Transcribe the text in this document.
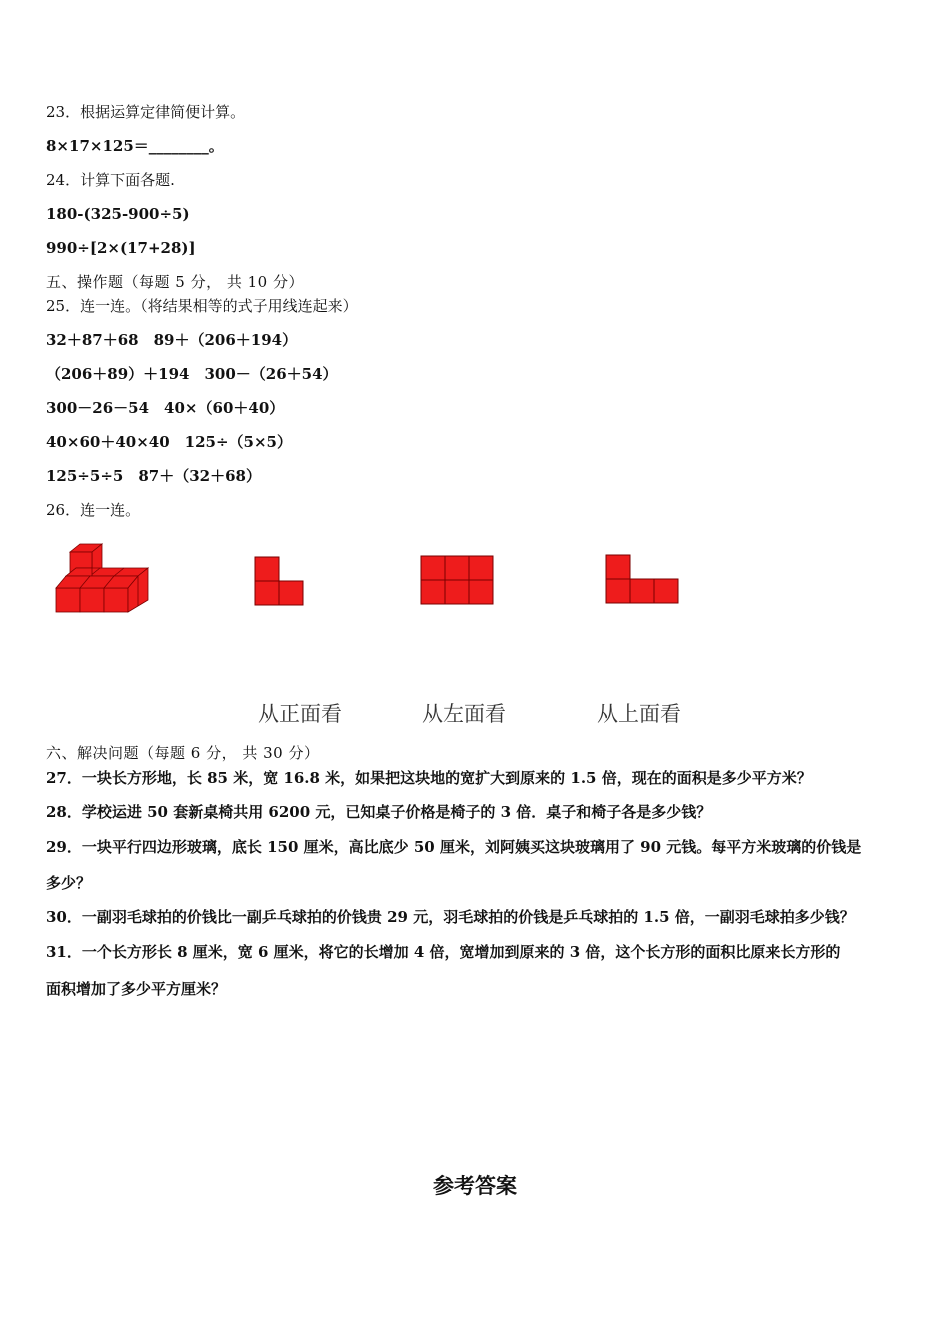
23．根据运算定律简便计算。
8×17×125＝________。
24．计算下面各题.
180-(325-900÷5)
990÷[2×(17+28)]
五、操作题（每题 5 分， 共 10 分）
25．连一连。（将结果相等的式子用线连起来）
32＋87＋68　89＋（206＋194）
（206＋89）＋194　300－（26＋54）
300－26－54　40×（60＋40）
40×60＋40×40　125÷（5×5）
125÷5÷5　87＋（32＋68）
26．连一连。
从正面看	从左面看	从上面看
六、解决问题（每题 6 分， 共 30 分）
27．一块长方形地，长 85 米，宽 16.8 米，如果把这块地的宽扩大到原来的 1.5 倍，现在的面积是多少平方米？
28．学校运进 50 套新桌椅共用 6200 元，已知桌子价格是椅子的 3 倍．桌子和椅子各是多少钱？
29．一块平行四边形玻璃，底长 150 厘米，高比底少 50 厘米，刘阿姨买这块玻璃用了 90 元钱。每平方米玻璃的价钱是
多少？
30．一副羽毛球拍的价钱比一副乒乓球拍的价钱贵 29 元，羽毛球拍的价钱是乒乓球拍的 1.5 倍，一副羽毛球拍多少钱？
31．一个长方形长 8 厘米，宽 6 厘米，将它的长增加 4 倍，宽增加到原来的 3 倍，这个长方形的面积比原来长方形的
面积增加了多少平方厘米？
参考答案
